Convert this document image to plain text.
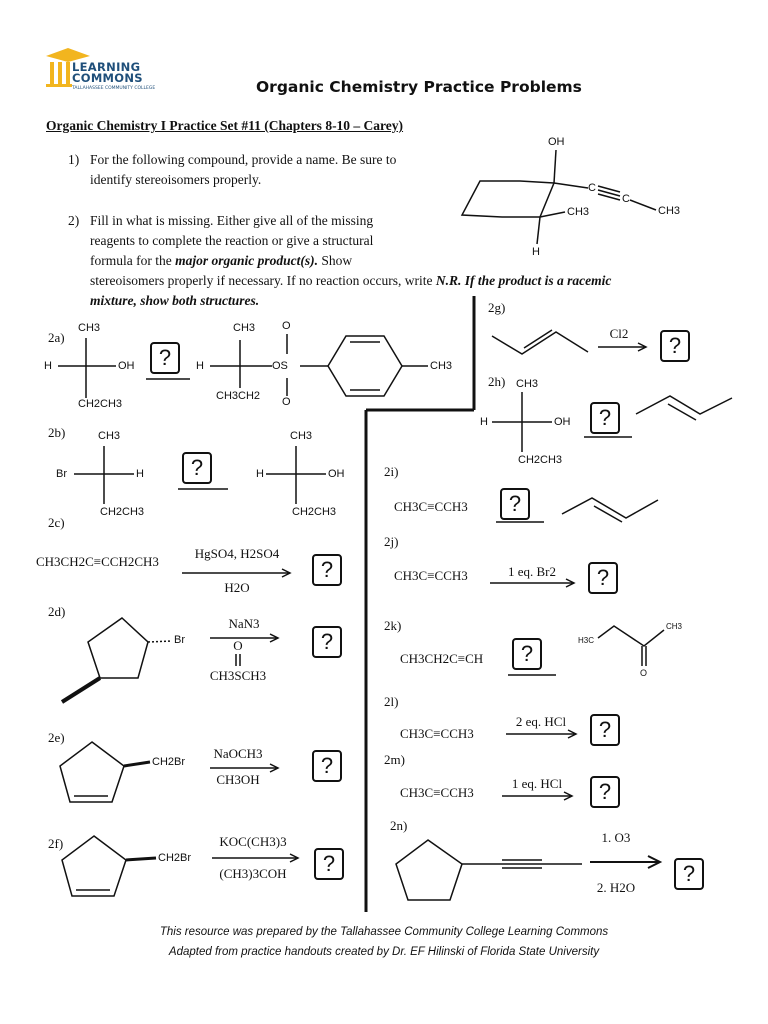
LEARNING
COMMONS
TALLAHASSEE COMMUNITY COLLEGE	Organic Chemistry Practice Problems
Organic Chemistry I Practice Set #11 (Chapters 8-10 – Carey)
1) For the following compound, provide a name. Be sure to
identify stereoisomers properly.
2) Fill in what is missing. Either give all of the missing
reagents to complete the reaction or give a structural
formula for the major organic product(s). Show
stereoisomers properly if necessary. If no reaction occurs, write N.R. If the product is a racemic
mixture, show both structures.
OH
C
C
CH3
CH3
H
2a)
CH3
H	OH
CH2CH3
?
CH3
H
O
OS
O
CH3CH2
CH3
2b)	CH3
Br	H
CH2CH3
?
CH3
H	OH
CH2CH3
2c)
CH3CH2C≡CCH2CH3
HgSO4, H2SO4
H2O
?
2d)
Br
NaN3
O
CH3SCH3
?
2e)
CH2Br
NaOCH3
CH3OH
?
2f)
CH2Br
KOC(CH3)3
(CH3)3COH	?
2g)
Cl2	?
2h) CH3
H	OH
CH2CH3
?
2i)
CH3C≡CCH3	?
2j)
CH3C≡CCH3	1 eq. Br2	?
2k)
CH3CH2C≡CH	?
H3C
CH3
O
2l)
CH3C≡CCH3
2 eq. HCl	?
2m)
CH3C≡CCH3
1 eq. HCl	?
2n)
1. O3
2. H2O
?
This resource was prepared by the Tallahassee Community College Learning Commons
Adapted from practice handouts created by Dr. EF Hilinski of Florida State University
